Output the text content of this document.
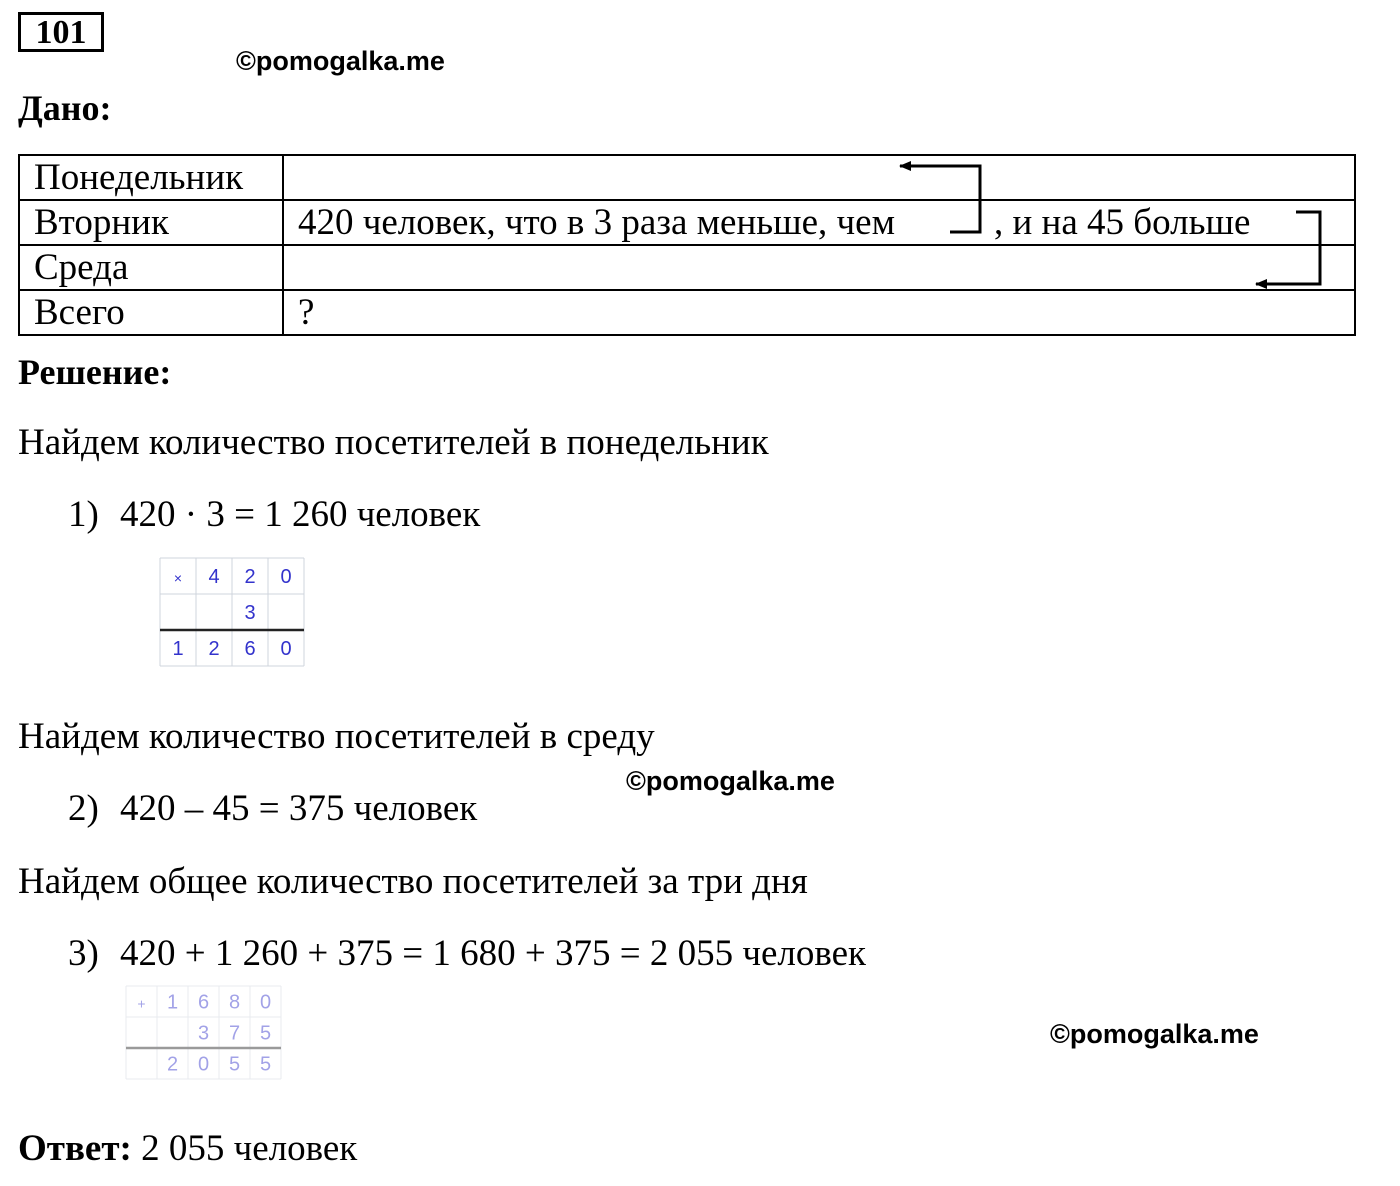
101
©pomogalka.me
Дано:
Понедельник	
Вторник	420 человек, что в 3 раза меньше, чем , и на 45 больше

Среда	
Всего	?
Решение:
Найдем количество посетителей в понедельник
1) 420 · 3 = 1 260 человек
× 4 2 0
3
1 2 6 0
Найдем количество посетителей в среду
©pomogalka.me
2) 420 – 45 = 375 человек
Найдем общее количество посетителей за три дня
3) 420 + 1 260 + 375 = 1 680 + 375 = 2 055 человек
+ 1 6 8 0
3 7 5
2 0 5 5
©pomogalka.me
Ответ: 2 055 человек
